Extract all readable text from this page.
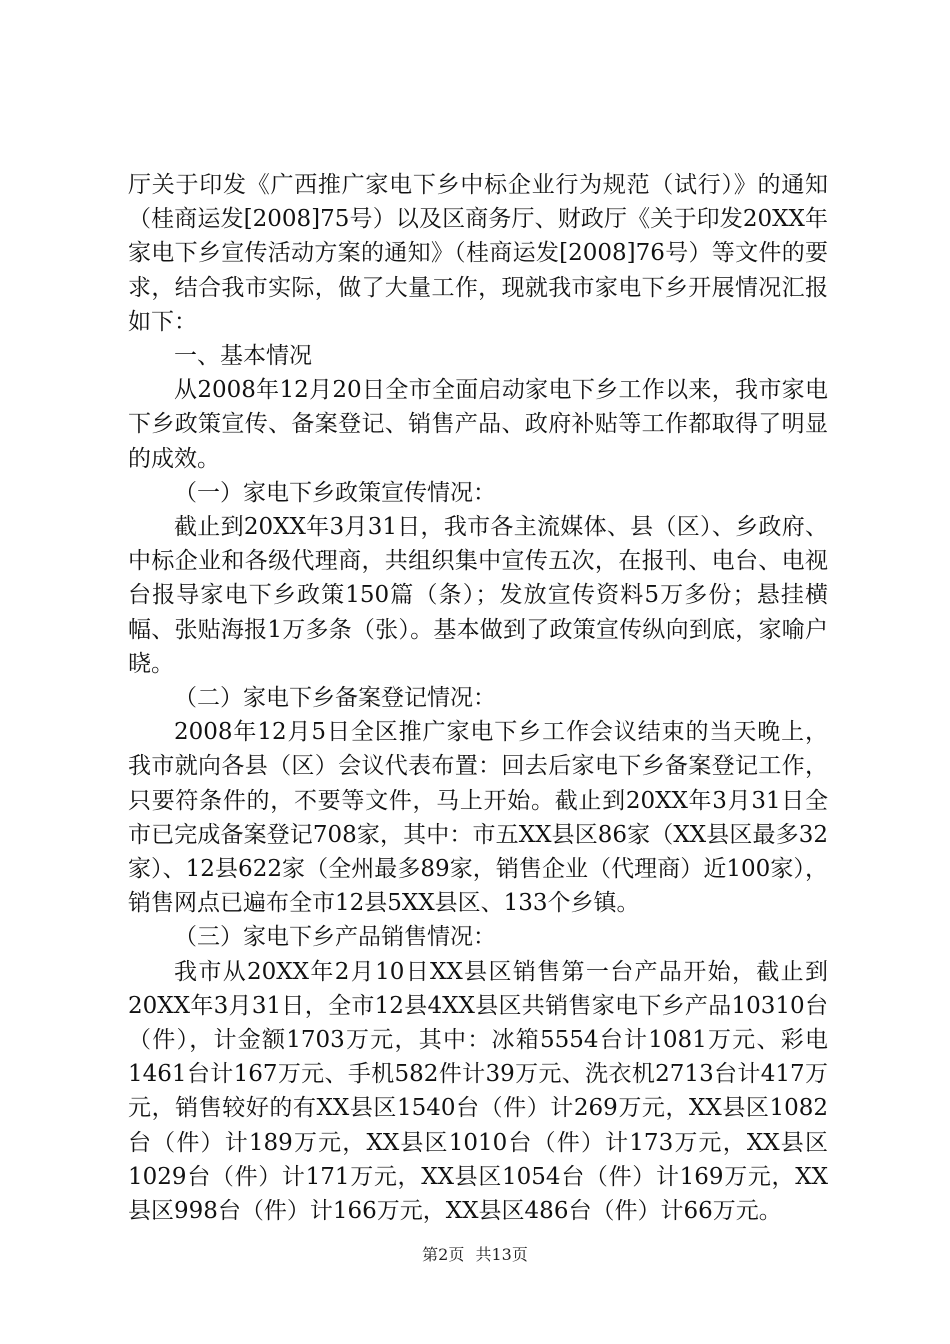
厅关于印发《广西推广家电下乡中标企业行为规范（试行）》的通知（桂商运发[2008]75号）以及区商务厅、财政厅《关于印发20XX年家电下乡宣传活动方案的通知》（桂商运发[2008]76号）等文件的要求，结合我市实际，做了大量工作，现就我市家电下乡开展情况汇报如下：

一、基本情况

从2008年12月20日全市全面启动家电下乡工作以来，我市家电下乡政策宣传、备案登记、销售产品、政府补贴等工作都取得了明显的成效。

（一）家电下乡政策宣传情况：

截止到20XX年3月31日，我市各主流媒体、县（区）、乡政府、中标企业和各级代理商，共组织集中宣传五次，在报刊、电台、电视台报导家电下乡政策150篇（条）；发放宣传资料5万多份；悬挂横幅、张贴海报1万多条（张）。基本做到了政策宣传纵向到底，家喻户晓。

（二）家电下乡备案登记情况：

2008年12月5日全区推广家电下乡工作会议结束的当天晚上，我市就向各县（区）会议代表布置：回去后家电下乡备案登记工作，只要符条件的，不要等文件，马上开始。截止到20XX年3月31日全市已完成备案登记708家，其中：市五XX县区86家（XX县区最多32家）、12县622家（全州最多89家，销售企业（代理商）近100家），销售网点已遍布全市12县5XX县区、133个乡镇。

（三）家电下乡产品销售情况：

我市从20XX年2月10日XX县区销售第一台产品开始，截止到20XX年3月31日，全市12县4XX县区共销售家电下乡产品10310台（件），计金额1703万元，其中：冰箱5554台计1081万元、彩电1461台计167万元、手机582件计39万元、洗衣机2713台计417万元，销售较好的有XX县区1540台（件）计269万元，XX县区1082台（件）计189万元，XX县区1010台（件）计173万元，XX县区1029台（件）计171万元，XX县区1054台（件）计169万元，XX县区998台（件）计166万元，XX县区486台（件）计66万元。

第2页 共13页
